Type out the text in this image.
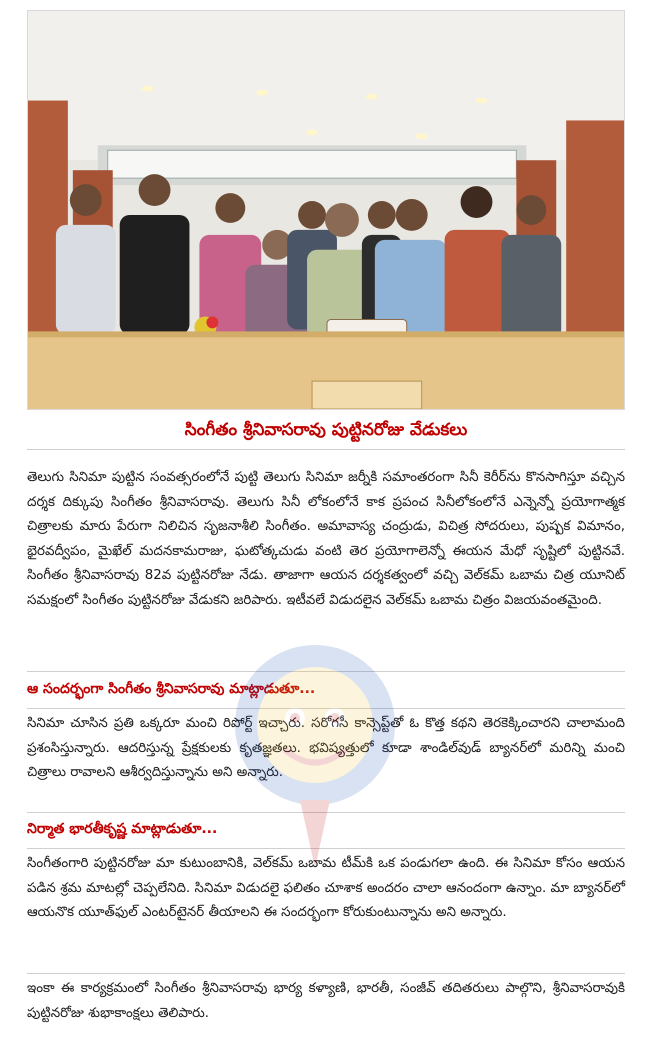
సింగీతం శ్రీనివాసరావు పుట్టినరోజు వేడుకలు

తెలుగు సినిమా పుట్టిన సంవత్సరంలోనే పుట్టి తెలుగు సినిమా జర్నీకి సమాంతరంగా సినీ కెరీర్‌ను కొనసాగిస్తూ వచ్చిన దర్శక దిక్కుపు సింగీతం శ్రీనివాసరావు. తెలుగు సినీ లోకంలోనే కాక ప్రపంచ సినీలోకంలోనే ఎన్నెన్నో ప్రయోగాత్మక చిత్రాలకు మారు పేరుగా నిలిచిన సృజనాశీలి సింగీతం. అమావాస్య చంద్రుడు, విచిత్ర సోదరులు, పుష్పక విమానం, భైరవద్వీపం, మైఖేల్ మదనకామరాజు, ఘటోత్కచుడు వంటి తెర ప్రయోగాలెన్నో ఈయన మేధో సృష్టిలో పుట్టినవే. సింగీతం శ్రీనివాసరావు 82వ పుట్టినరోజు నేడు. తాజాగా ఆయన దర్శకత్వంలో వచ్చి వెల్‌కమ్ ఒబామ చిత్ర యూనిట్ సమక్షంలో సింగీతం పుట్టినరోజు వేడుకని జరిపారు. ఇటీవలే విడుదలైన వెల్‌కమ్ ఒబామ చిత్రం విజయవంతమైంది.

ఆ సందర్భంగా సింగీతం శ్రీనివాసరావు మాట్లాడుతూ...

సినిమా చూసిన ప్రతి ఒక్కరూ మంచి రిపోర్ట్ ఇచ్చారు. సరోగసీ కాన్సెప్ట్‌తో ఓ కొత్త కథని తెరకెక్కించారని చాలామంది ప్రశంసిస్తున్నారు. ఆదరిస్తున్న ప్రేక్షకులకు కృతజ్ఞతలు. భవిష్యత్తులో కూడా శాండిల్‌వుడ్ బ్యానర్‌లో మరిన్ని మంచి చిత్రాలు రావాలని ఆశీర్వదిస్తున్నాను అని అన్నారు.

నిర్మాత భారతీకృష్ణ మాట్లాడుతూ...

సింగీతంగారి పుట్టినరోజు మా కుటుంబానికి, వెల్‌కమ్ ఒబామ టీమ్‌కి ఒక పండుగలా ఉంది. ఈ సినిమా కోసం ఆయన పడిన శ్రమ మాటల్లో చెప్పలేనిది. సినిమా విడుదలై ఫలితం చూశాక అందరం చాలా ఆనందంగా ఉన్నాం. మా బ్యానర్‌లో ఆయనొక యూత్‌ఫుల్ ఎంటర్‌టైనర్ తీయాలని ఈ సందర్భంగా కోరుకుంటున్నాను అని అన్నారు.

ఇంకా ఈ కార్యక్రమంలో సింగీతం శ్రీనివాసరావు భార్య కళ్యాణి, భారతీ, సంజీవ్ తదితరులు పాల్గొని, శ్రీనివాసరావుకి పుట్టినరోజు శుభాకాంక్షలు తెలిపారు.
